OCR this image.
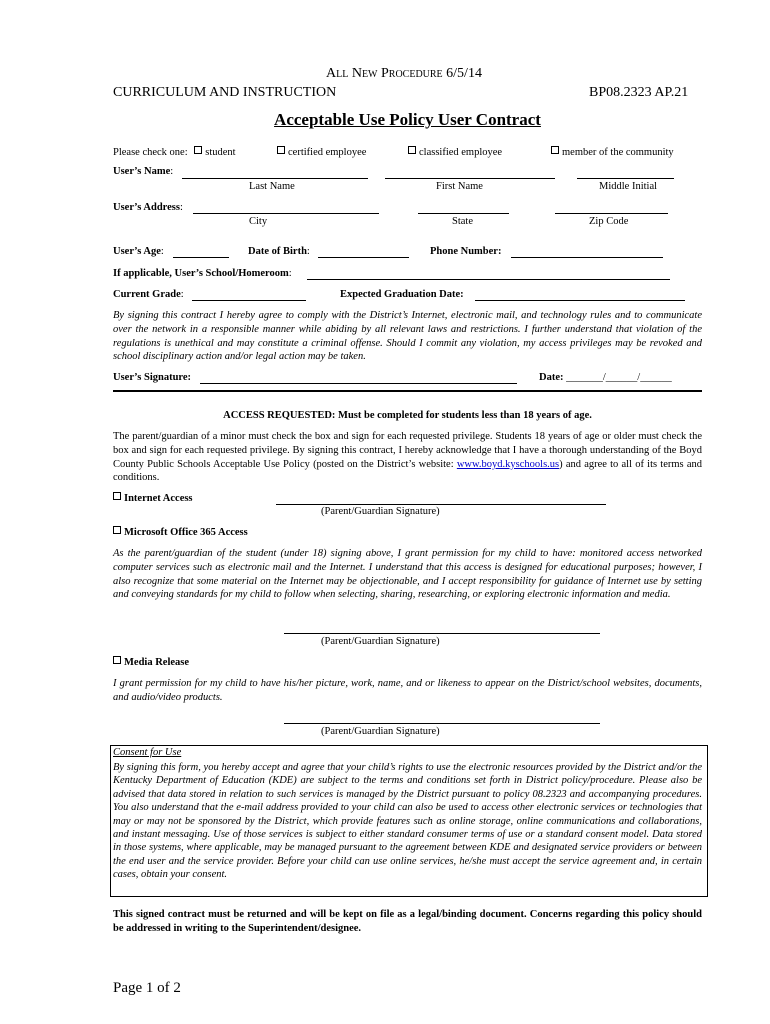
All New Procedure 6/5/14
CURRICULUM AND INSTRUCTION	BP08.2323 AP.21
Acceptable Use Policy User Contract
Please check one: student	certified employee	classified employee	member of the community
User’s Name:
Last Name	First Name	Middle Initial
User’s Address:
City	State	Zip Code
User’s Age:	Date of Birth:	Phone Number:
If applicable, User’s School/Homeroom:
Current Grade:	Expected Graduation Date:
By signing this contract I hereby agree to comply with the District’s Internet, electronic mail, and technology rules and to communicate over the network in a responsible manner while abiding by all relevant laws and restrictions. I further understand that violation of the regulations is unethical and may constitute a criminal offense. Should I commit any violation, my access privileges may be revoked and school disciplinary action and/or legal action may be taken.
User’s Signature:	Date: _______/______/______
ACCESS REQUESTED: Must be completed for students less than 18 years of age.
The parent/guardian of a minor must check the box and sign for each requested privilege. Students 18 years of age or older must check the box and sign for each requested privilege. By signing this contract, I hereby acknowledge that I have a thorough understanding of the Boyd County Public Schools Acceptable Use Policy (posted on the District’s website: www.boyd.kyschools.us) and agree to all of its terms and conditions.
Internet Access
(Parent/Guardian Signature)
Microsoft Office 365 Access
As the parent/guardian of the student (under 18) signing above, I grant permission for my child to have: monitored access networked computer services such as electronic mail and the Internet. I understand that this access is designed for educational purposes; however, I also recognize that some material on the Internet may be objectionable, and I accept responsibility for guidance of Internet use by setting and conveying standards for my child to follow when selecting, sharing, researching, or exploring electronic information and media.
(Parent/Guardian Signature)
Media Release
I grant permission for my child to have his/her picture, work, name, and or likeness to appear on the District/school websites, documents, and audio/video products.
(Parent/Guardian Signature)
Consent for Use
By signing this form, you hereby accept and agree that your child’s rights to use the electronic resources provided by the District and/or the Kentucky Department of Education (KDE) are subject to the terms and conditions set forth in District policy/procedure. Please also be advised that data stored in relation to such services is managed by the District pursuant to policy 08.2323 and accompanying procedures. You also understand that the e-mail address provided to your child can also be used to access other electronic services or technologies that may or may not be sponsored by the District, which provide features such as online storage, online communications and collaborations, and instant messaging. Use of those services is subject to either standard consumer terms of use or a standard consent model. Data stored in those systems, where applicable, may be managed pursuant to the agreement between KDE and designated service providers or between the end user and the service provider. Before your child can use online services, he/she must accept the service agreement and, in certain cases, obtain your consent.
This signed contract must be returned and will be kept on file as a legal/binding document. Concerns regarding this policy should be addressed in writing to the Superintendent/designee.
Page 1 of 2
